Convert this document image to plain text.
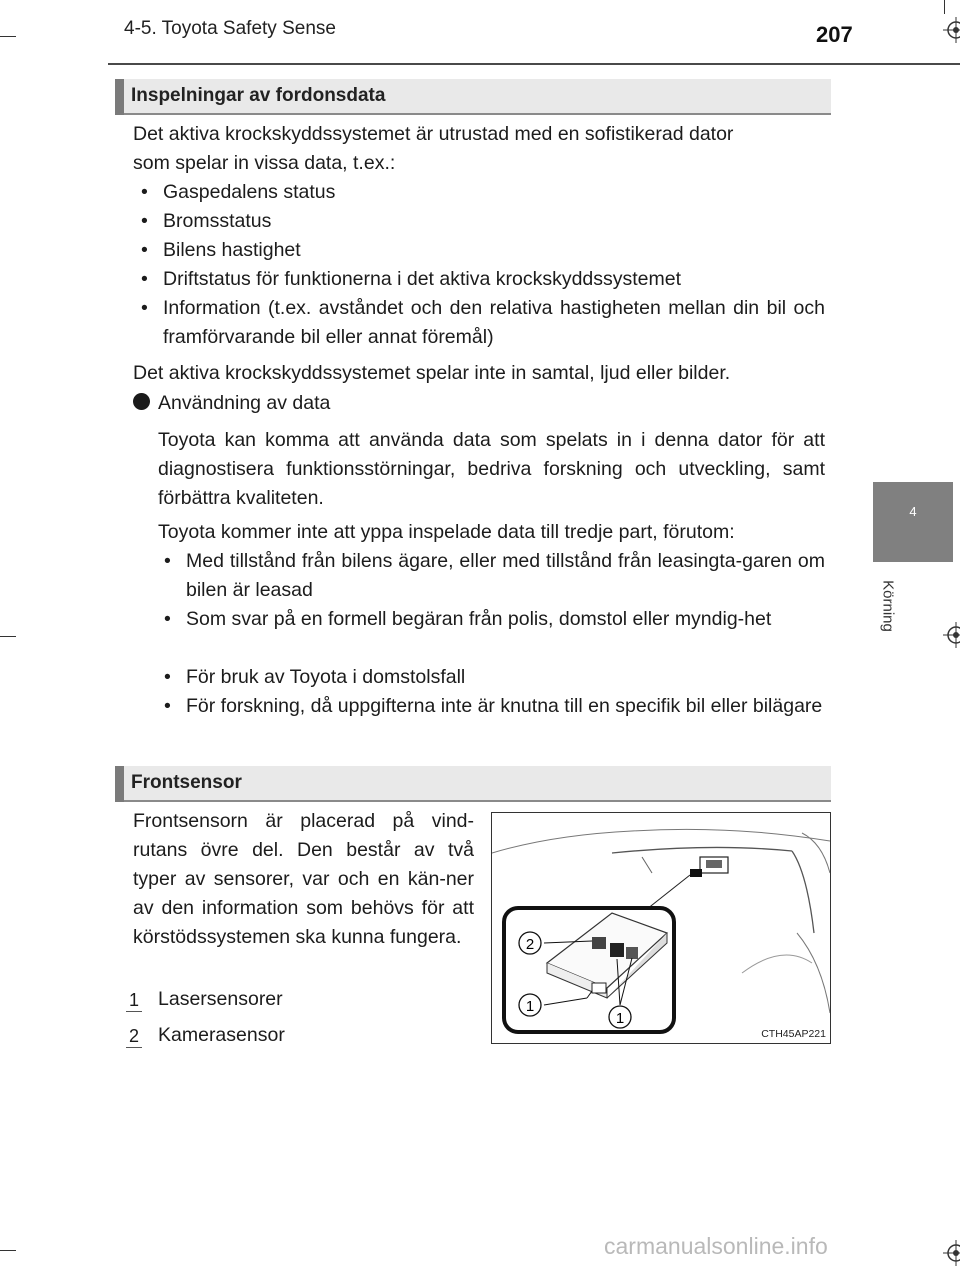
4-5. Toyota Safety Sense	207
4
Körning
Inspelningar av fordonsdata
Det aktiva krockskyddssystemet är utrustad med en sofistikerad dator
som spelar in vissa data, t.ex.:
• Gaspedalens status
• Bromsstatus
• Bilens hastighet
• Driftstatus för funktionerna i det aktiva krockskyddssystemet
• Information (t.ex. avståndet och den relativa hastigheten mellan din bil och framförvarande bil eller annat föremål)
Det aktiva krockskyddssystemet spelar inte in samtal, ljud eller bilder.
Användning av data
Toyota kan komma att använda data som spelats in i denna dator för att diagnostisera funktionsstörningar, bedriva forskning och utveckling, samt förbättra kvaliteten.
Toyota kommer inte att yppa inspelade data till tredje part, förutom:
• Med tillstånd från bilens ägare, eller med tillstånd från leasingta-garen om bilen är leasad
• Som svar på en formell begäran från polis, domstol eller myndig-het
• För bruk av Toyota i domstolsfall
• För forskning, då uppgifterna inte är knutna till en specifik bil eller bilägare
Frontsensor
Frontsensorn är placerad på vind-rutans övre del. Den består av två typer av sensorer, var och en kän-ner av den information som behövs för att körstödssystemen ska kunna fungera.
1 Lasersensorer
2 Kamerasensor
2
1
1
CTH45AP221
carmanualsonline.info
